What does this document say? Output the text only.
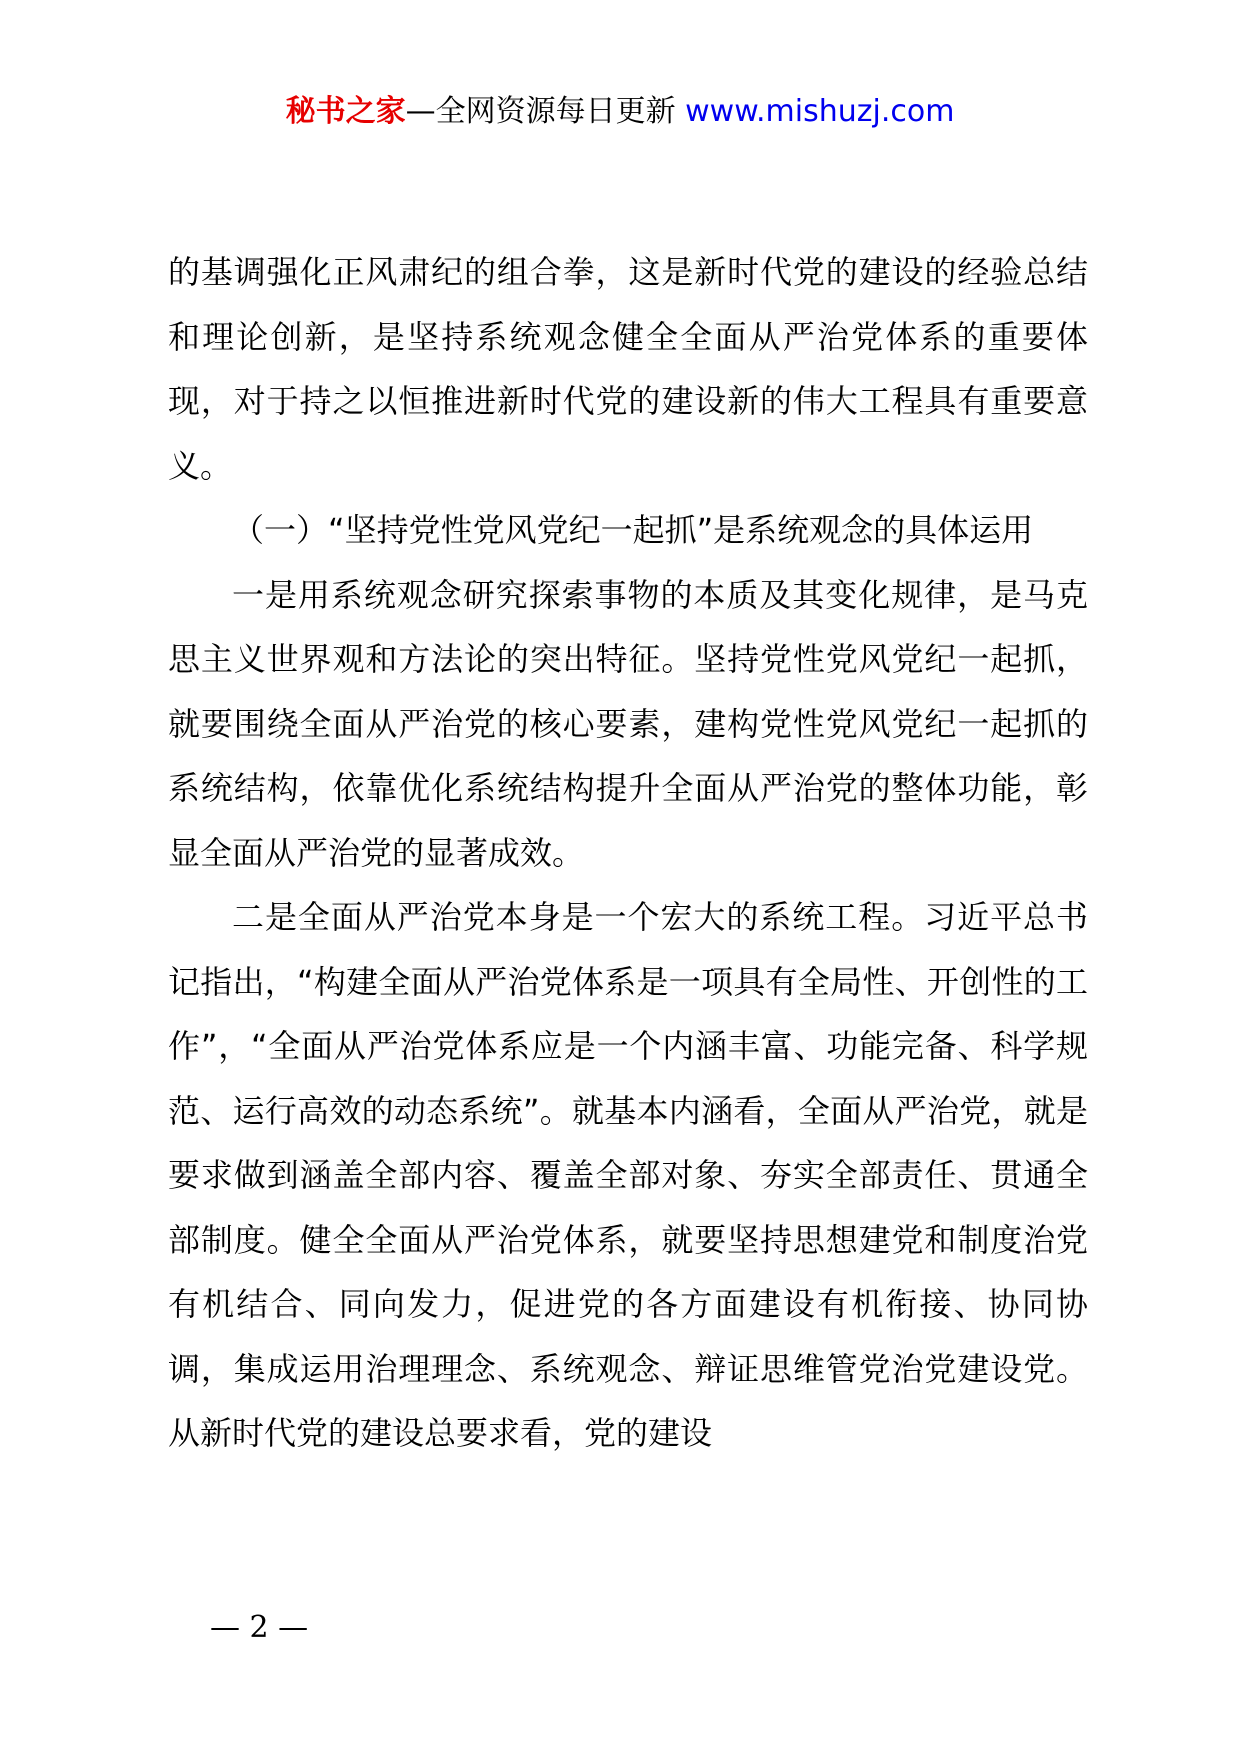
秘书之家—全网资源每日更新 www.mishuzj.com

的基调强化正风肃纪的组合拳，这是新时代党的建设的经验总结和理论创新，是坚持系统观念健全全面从严治党体系的重要体现，对于持之以恒推进新时代党的建设新的伟大工程具有重要意义。

（一）“坚持党性党风党纪一起抓”是系统观念的具体运用

一是用系统观念研究探索事物的本质及其变化规律，是马克思主义世界观和方法论的突出特征。坚持党性党风党纪一起抓，就要围绕全面从严治党的核心要素，建构党性党风党纪一起抓的系统结构，依靠优化系统结构提升全面从严治党的整体功能，彰显全面从严治党的显著成效。

二是全面从严治党本身是一个宏大的系统工程。习近平总书记指出，“构建全面从严治党体系是一项具有全局性、开创性的工作”，“全面从严治党体系应是一个内涵丰富、功能完备、科学规范、运行高效的动态系统”。就基本内涵看，全面从严治党，就是要求做到涵盖全部内容、覆盖全部对象、夯实全部责任、贯通全部制度。健全全面从严治党体系，就要坚持思想建党和制度治党有机结合、同向发力，促进党的各方面建设有机衔接、协同协调，集成运用治理理念、系统观念、辩证思维管党治党建设党。从新时代党的建设总要求看，党的建设

— 2 —
